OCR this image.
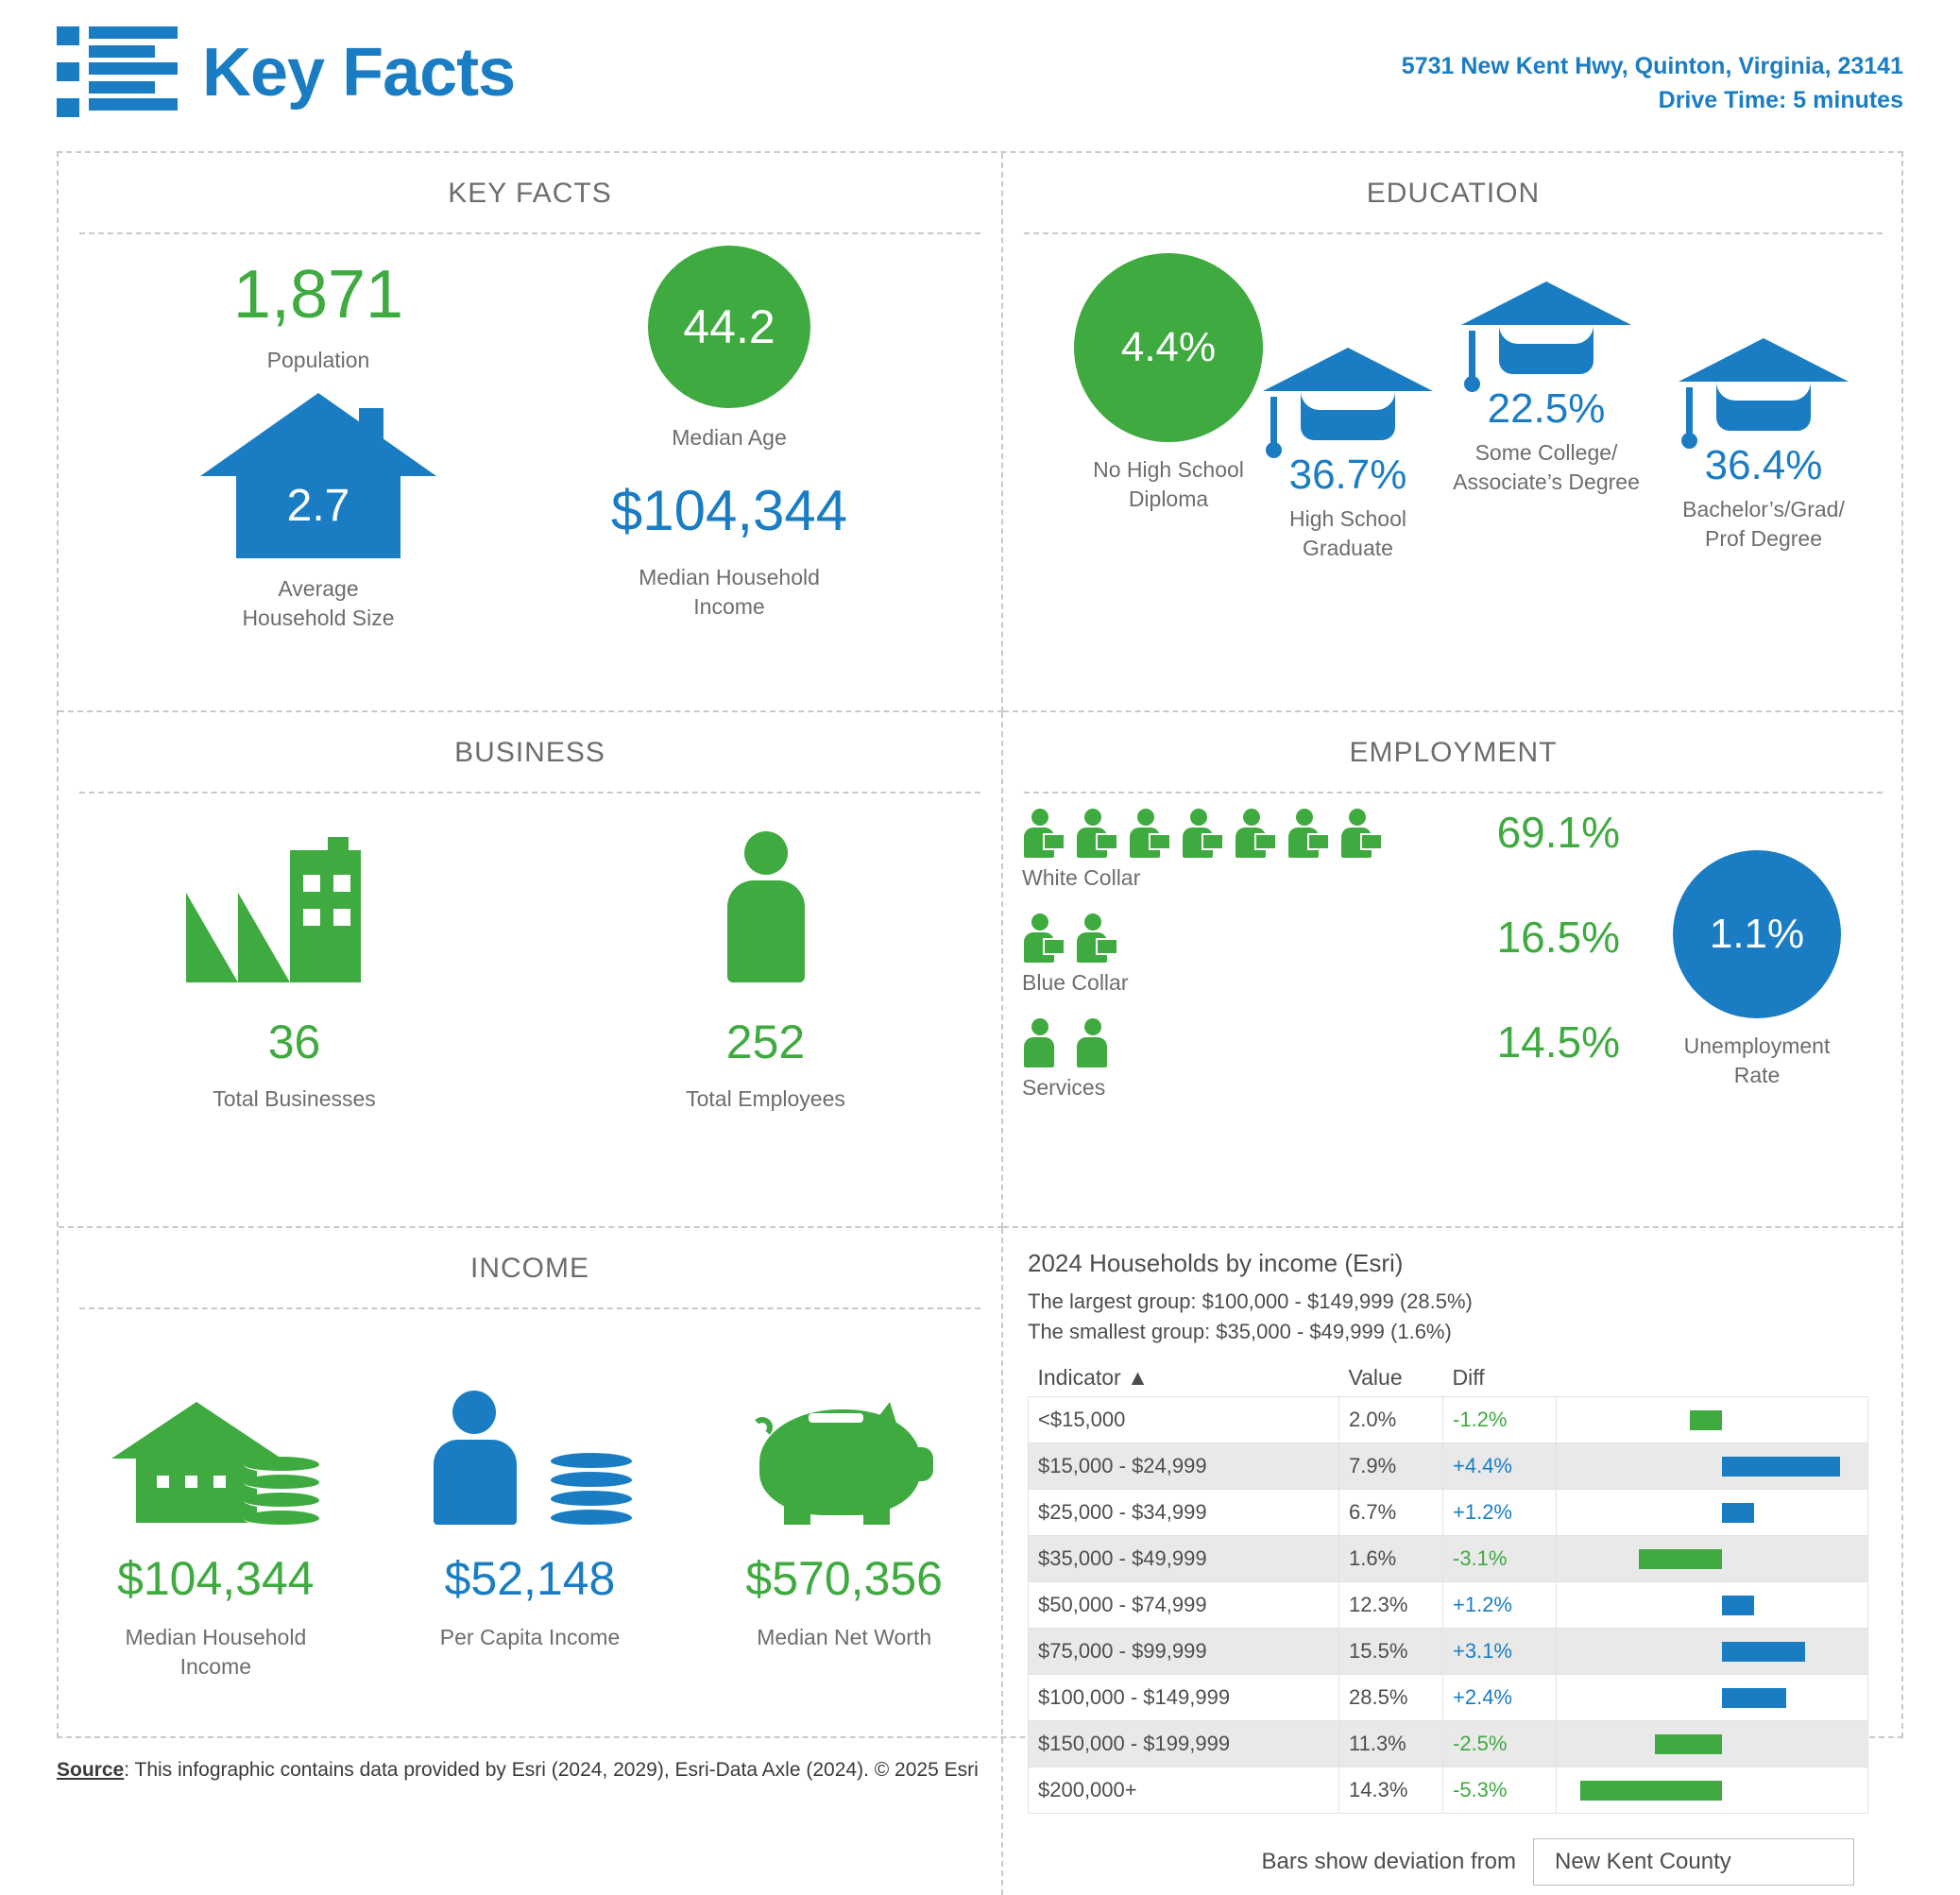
Key Facts	5731 New Kent Hwy, Quinton, Virginia, 23141
Drive Time: 5 minutes
KEY FACTS
1,871
Population
2.7
Average
Household Size
44.2
Median Age
$104,344
Median Household
Income
EDUCATION
4.4%
No High School
Diploma
36.7%
High School
Graduate
22.5%
Some College/
Associate’s Degree	36.4%
Bachelor’s/Grad/
Prof Degree
BUSINESS
36
Total Businesses
252
Total Employees
EMPLOYMENT
White Collar
69.1%
Blue Collar
16.5%
Services
14.5%
1.1%
Unemployment
Rate
INCOME
$104,344
Median Household
Income
$52,148
Per Capita Income
$570,356
Median Net Worth
2024 Households by income (Esri)
The largest group: $100,000 - $149,999 (28.5%)
The smallest group: $35,000 - $49,999 (1.6%)
Indicator ▲	Value	Diff	
<$15,000	2.0%	-1.2%	

$15,000 - $24,999	7.9%	+4.4%	

$25,000 - $34,999	6.7%	+1.2%	

$35,000 - $49,999	1.6%	-3.1%	

$50,000 - $74,999	12.3%	+1.2%	

$75,000 - $99,999	15.5%	+3.1%	

$100,000 - $149,999	28.5%	+2.4%	

$150,000 - $199,999	11.3%	-2.5%	

$200,000+	14.3%	-5.3%	
Bars show deviation from	New Kent County
Source: This infographic contains data provided by Esri (2024, 2029), Esri-Data Axle (2024). © 2025 Esri
